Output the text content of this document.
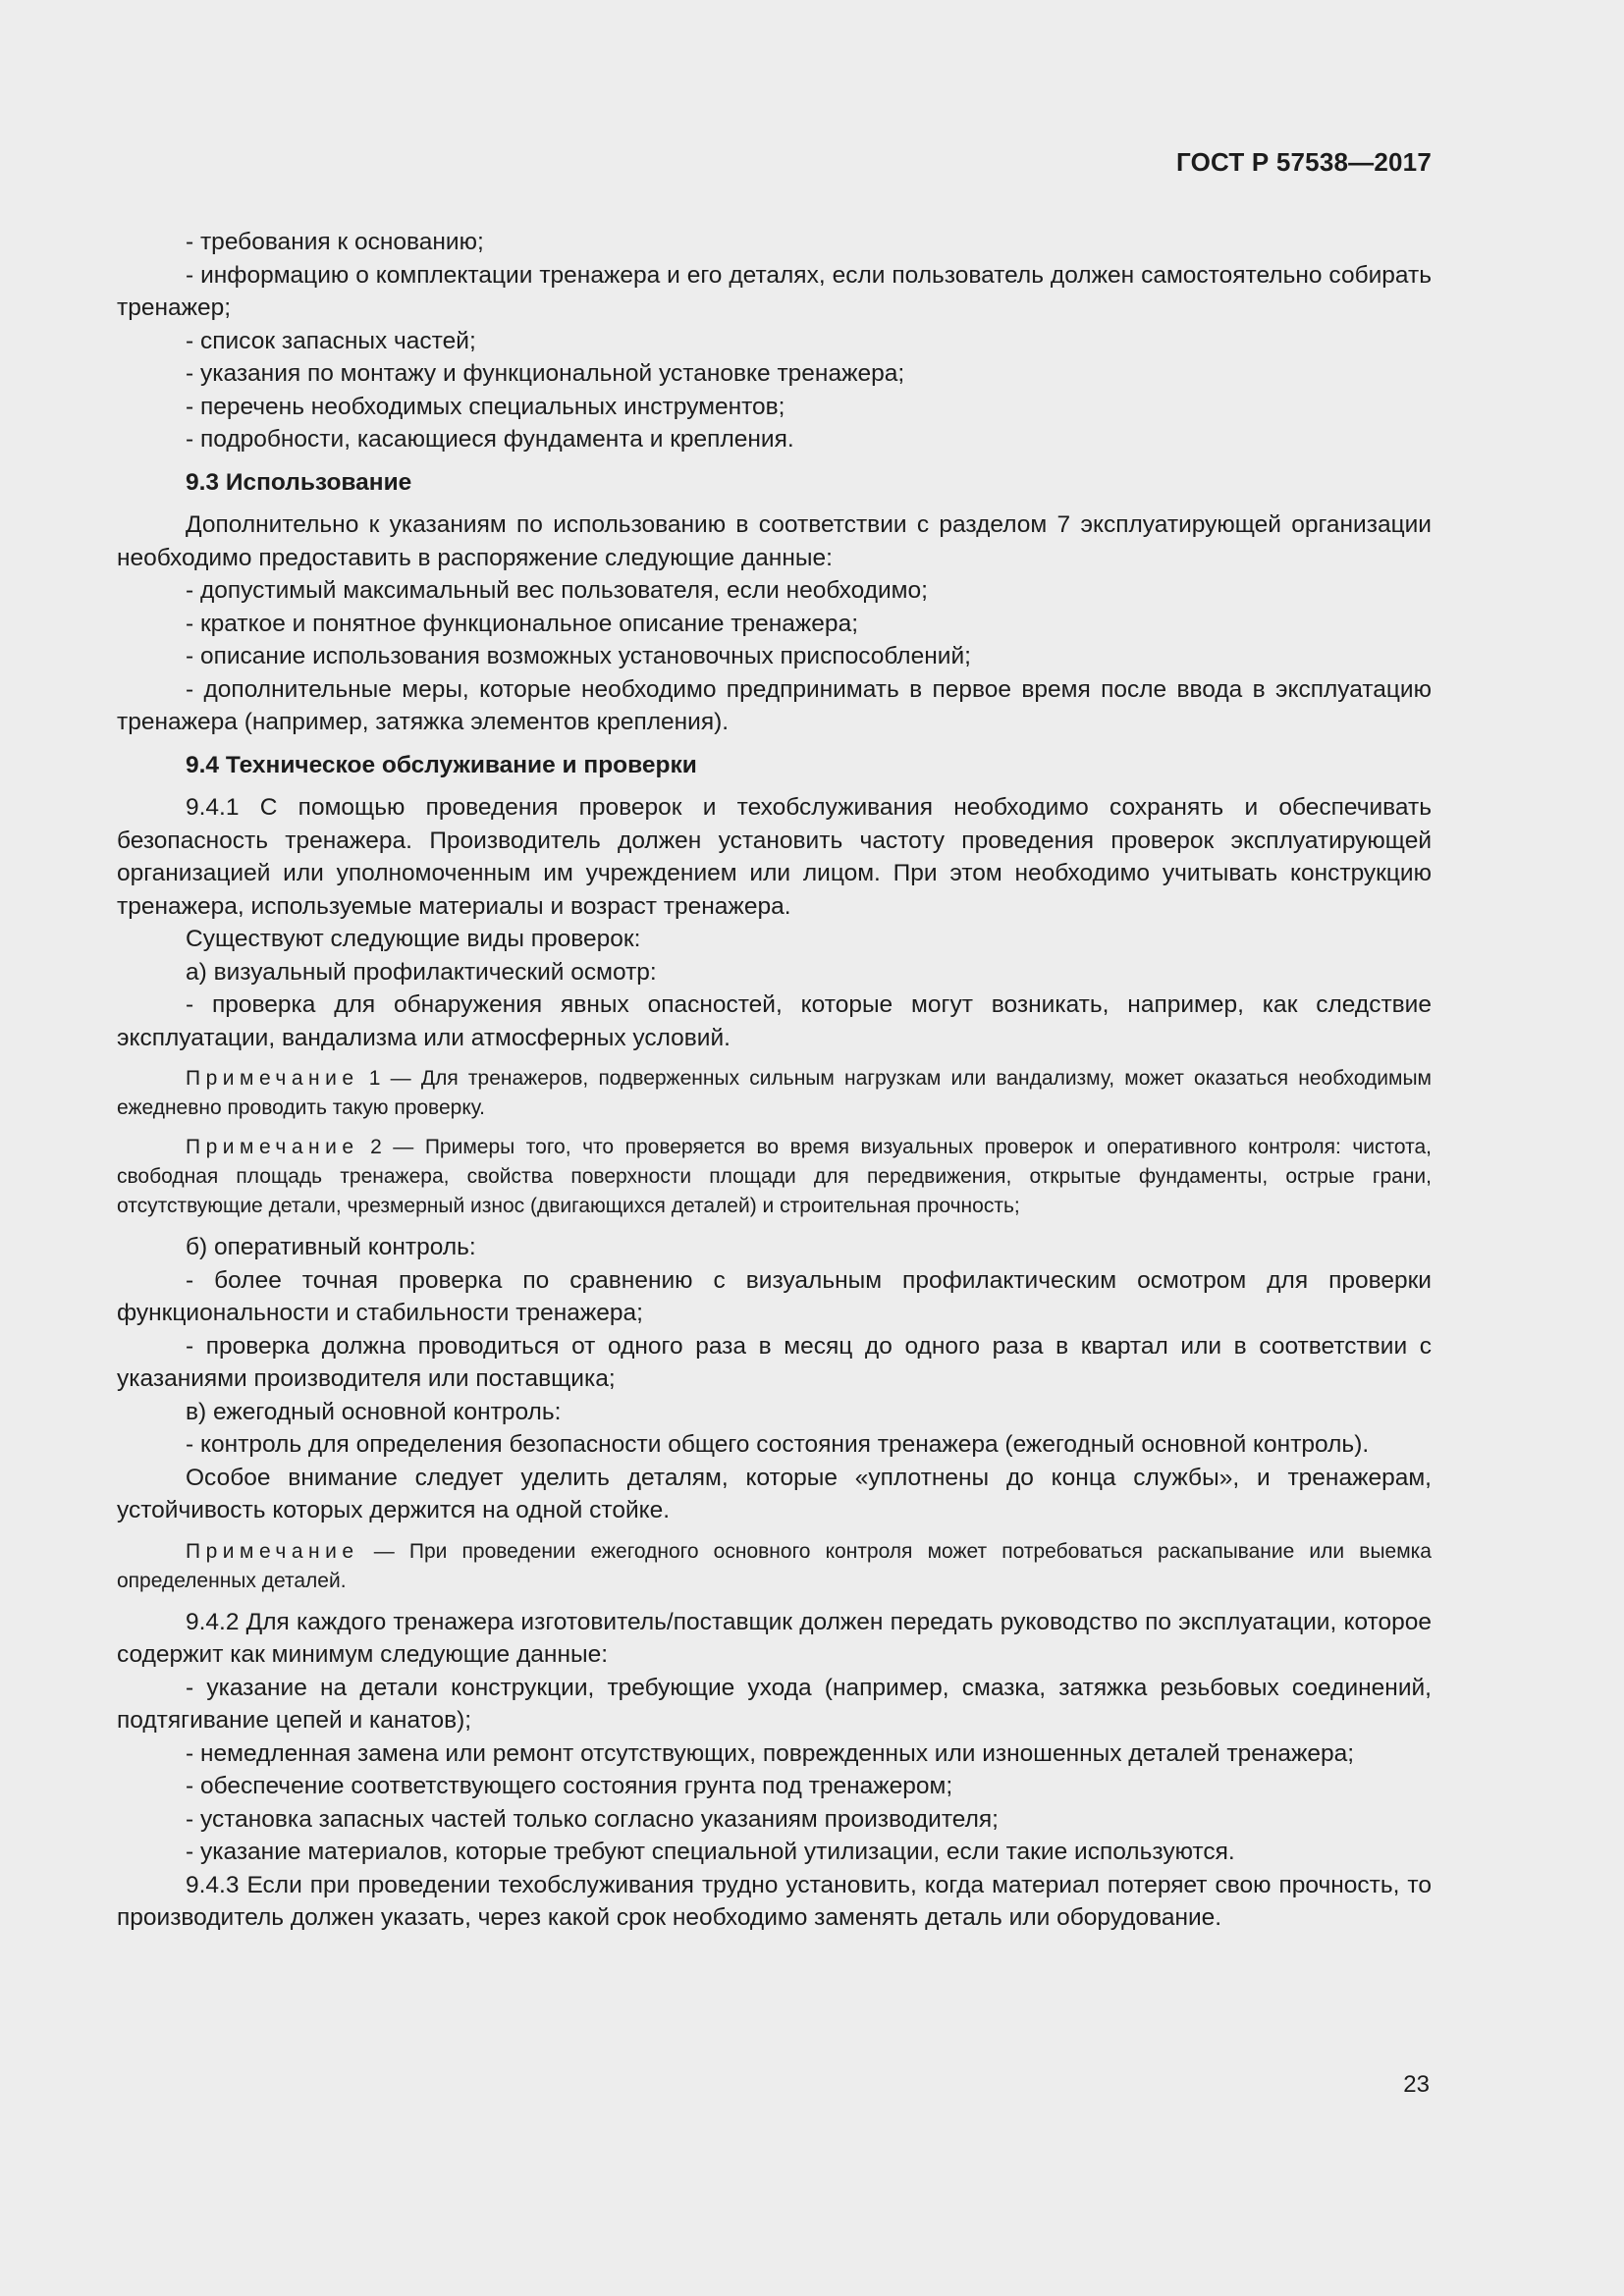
ГОСТ Р 57538—2017

- требования к основанию;

- информацию о комплектации тренажера и его деталях, если пользователь должен самостоятельно собирать тренажер;

- список запасных частей;

- указания по монтажу и функциональной установке тренажера;

- перечень необходимых специальных инструментов;

- подробности, касающиеся фундамента и крепления.

9.3 Использование

Дополнительно к указаниям по использованию в соответствии с разделом 7 эксплуатирующей организации необходимо предоставить в распоряжение следующие данные:

- допустимый максимальный вес пользователя, если необходимо;

- краткое и понятное функциональное описание тренажера;

- описание использования возможных установочных приспособлений;

- дополнительные меры, которые необходимо предпринимать в первое время после ввода в эксплуатацию тренажера (например, затяжка элементов крепления).

9.4 Техническое обслуживание и проверки

9.4.1 С помощью проведения проверок и техобслуживания необходимо сохранять и обеспечивать безопасность тренажера. Производитель должен установить частоту проведения проверок эксплуатирующей организацией или уполномоченным им учреждением или лицом. При этом необходимо учитывать конструкцию тренажера, используемые материалы и возраст тренажера.

Существуют следующие виды проверок:

а) визуальный профилактический осмотр:

- проверка для обнаружения явных опасностей, которые могут возникать, например, как следствие эксплуатации, вандализма или атмосферных условий.

Примечание 1 — Для тренажеров, подверженных сильным нагрузкам или вандализму, может оказаться необходимым ежедневно проводить такую проверку.

Примечание 2 — Примеры того, что проверяется во время визуальных проверок и оперативного контроля: чистота, свободная площадь тренажера, свойства поверхности площади для передвижения, открытые фундаменты, острые грани, отсутствующие детали, чрезмерный износ (двигающихся деталей) и строительная прочность;

б) оперативный контроль:

- более точная проверка по сравнению с визуальным профилактическим осмотром для проверки функциональности и стабильности тренажера;

- проверка должна проводиться от одного раза в месяц до одного раза в квартал или в соответствии с указаниями производителя или поставщика;

в) ежегодный основной контроль:

- контроль для определения безопасности общего состояния тренажера (ежегодный основной контроль).

Особое внимание следует уделить деталям, которые «уплотнены до конца службы», и тренажерам, устойчивость которых держится на одной стойке.

Примечание — При проведении ежегодного основного контроля может потребоваться раскапывание или выемка определенных деталей.

9.4.2 Для каждого тренажера изготовитель/поставщик должен передать руководство по эксплуатации, которое содержит как минимум следующие данные:

- указание на детали конструкции, требующие ухода (например, смазка, затяжка резьбовых соединений, подтягивание цепей и канатов);

- немедленная замена или ремонт отсутствующих, поврежденных или изношенных деталей тренажера;

- обеспечение соответствующего состояния грунта под тренажером;

- установка запасных частей только согласно указаниям производителя;

- указание материалов, которые требуют специальной утилизации, если такие используются.

9.4.3 Если при проведении техобслуживания трудно установить, когда материал потеряет свою прочность, то производитель должен указать, через какой срок необходимо заменять деталь или оборудование.

23
